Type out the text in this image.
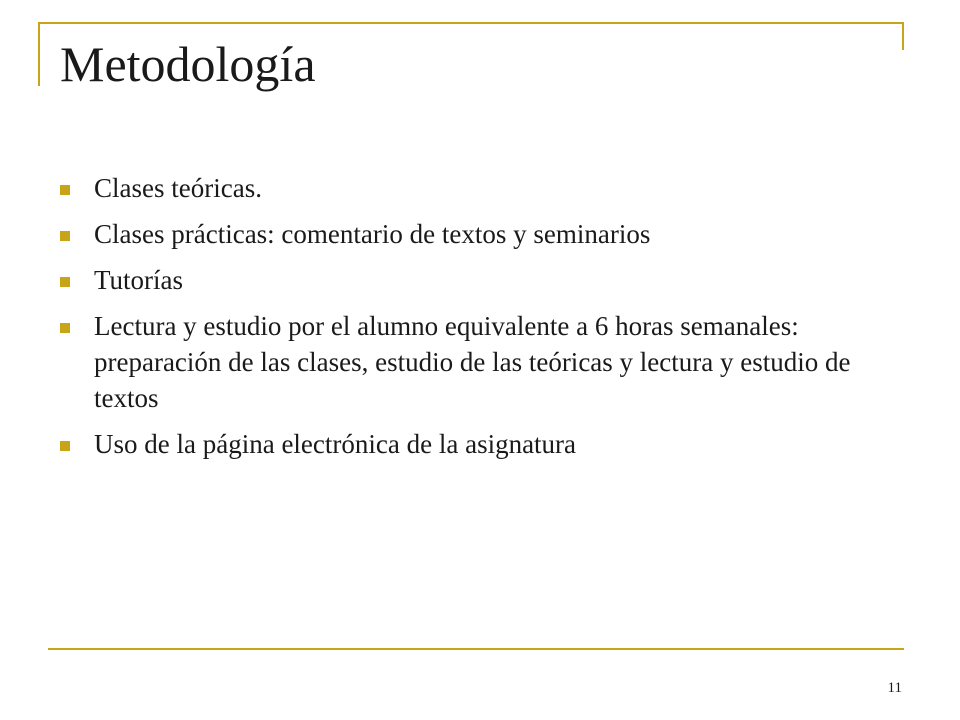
Metodología
Clases teóricas.
Clases prácticas: comentario de textos y seminarios
Tutorías
Lectura y estudio por el alumno equivalente a 6 horas semanales: preparación de las clases, estudio de las teóricas y lectura y estudio de textos
Uso de la página electrónica de la asignatura
11
